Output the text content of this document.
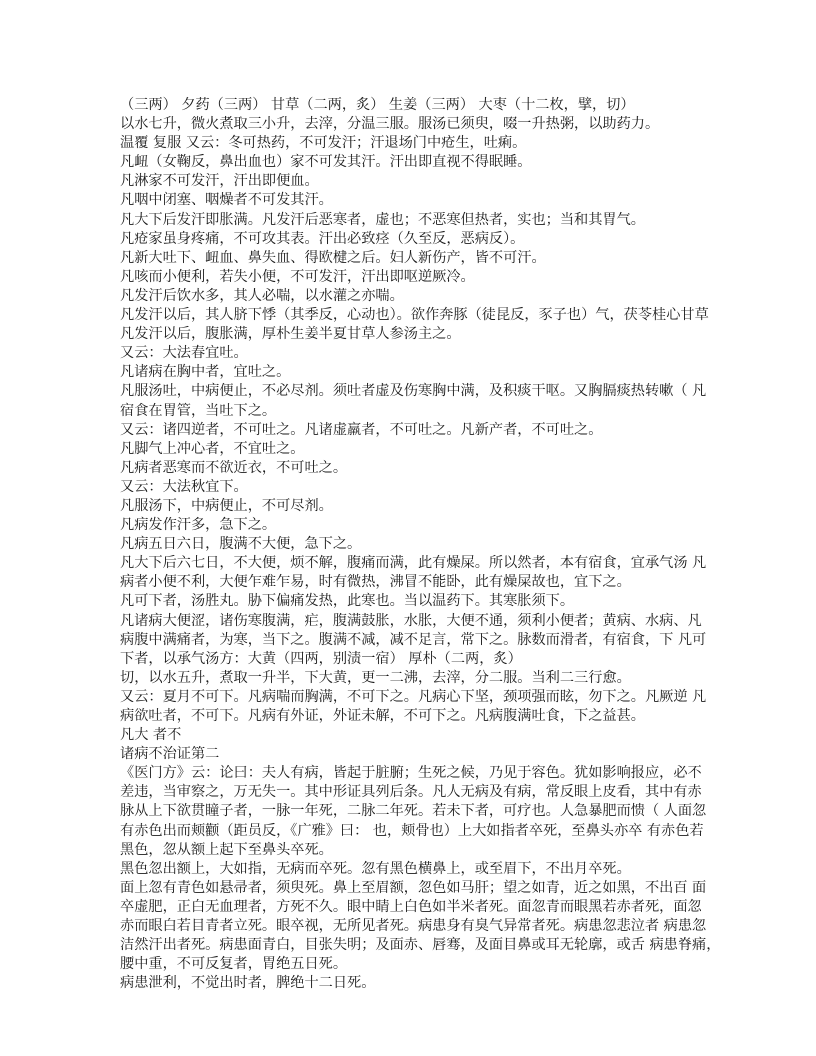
（三两） 夕药（三两） 甘草（二两，炙） 生姜（三两） 大枣（十二枚，擘，切）
以水七升，微火煮取三小升，去滓，分温三服。服汤已须臾，啜一升热粥，以助药力。
温覆 复服 又云：冬可热药，不可发汗；汗退场门中疮生，吐痢。
凡衄（女鞠反，鼻出血也）家不可发其汗。汗出即直视不得眠睡。
凡淋家不可发汗，汗出即便血。
凡咽中闭塞、咽燥者不可发其汗。
凡大下后发汗即胀满。凡发汗后恶寒者，虚也；不恶寒但热者，实也；当和其胃气。
凡疮家虽身疼痛，不可攻其表。汗出必致痉（久至反，恶病反）。
凡新大吐下、衄血、鼻失血、得欧楗之后。妇人新伤产，皆不可汗。
凡咳而小便利，若失小便，不可发汗，汗出即呕逆厥冷。
凡发汗后饮水多，其人必喘，以水灌之亦喘。
凡发汗以后，其人脐下悸（其季反，心动也）。欲作奔豚（徒昆反，豕子也）气，茯苓桂心甘草
凡发汗以后，腹胀满，厚朴生姜半夏甘草人参汤主之。
又云：大法春宜吐。
凡诸病在胸中者，宜吐之。
凡服汤吐，中病便止，不必尽剂。须吐者虚及伤寒胸中满，及积痰干呕。又胸膈痰热转嗽（ 凡
宿食在胃管，当吐下之。
又云：诸四逆者，不可吐之。凡诸虚羸者，不可吐之。凡新产者，不可吐之。
凡脚气上冲心者，不宜吐之。
凡病者恶寒而不欲近衣，不可吐之。
又云：大法秋宜下。
凡服汤下，中病便止，不可尽剂。
凡病发作汗多，急下之。
凡病五日六日，腹满不大便，急下之。
凡大下后六七日，不大便，烦不解，腹痛而满，此有燥屎。所以然者，本有宿食，宜承气汤 凡
病者小便不利，大便乍难乍易，时有微热，沸冒不能卧，此有燥屎故也，宜下之。
凡可下者，汤胜丸。胁下偏痛发热，此寒也。当以温药下。其寒胀须下。
凡诸病大便涩，诸伤寒腹满，疟，腹满鼓胀，水胀，大便不通，须利小便者；黄病、水病、凡
病腹中满痛者，为寒，当下之。腹满不减，减不足言，常下之。脉数而滑者，有宿食，下 凡可
下者，以承气汤方：大黄（四两，别渍一宿） 厚朴（二两，炙）
切，以水五升，煮取一升半，下大黄，更一二沸，去滓，分二服。当利二三行愈。
又云：夏月不可下。凡病喘而胸满，不可下之。凡病心下坚，颈项强而眩，勿下之。凡厥逆 凡
病欲吐者，不可下。凡病有外证，外证未解，不可下之。凡病腹满吐食，下之益甚。
凡大 者不
诸病不治证第二
《医门方》云：论曰：夫人有病，皆起于脏腑；生死之候，乃见于容色。犹如影响报应，必不
差违，当审察之，万无失一。其中形证具列后条。凡人无病及有病，常反眼上皮看，其中有赤
脉从上下欲贯瞳子者，一脉一年死，二脉二年死。若未下者，可疗也。人急暴肥而愦（ 人面忽
有赤色出而颊颧（距员反，《广雅》曰： 也，颊骨也）上大如指者卒死，至鼻头亦卒 有赤色若
黑色，忽从额上起下至鼻头卒死。
黑色忽出额上，大如指，无病而卒死。忽有黑色横鼻上，或至眉下，不出月卒死。
面上忽有青色如悬帚者，须臾死。鼻上至眉额，忽色如马肝；望之如青，近之如黑，不出百 面
卒虚肥，正白无血理者，方死不久。眼中睛上白色如半米者死。面忽青而眼黑若赤者死，面忽
赤而眼白若目青者立死。眼卒视，无所见者死。病患身有臭气异常者死。病患忽悲泣者 病患忽
洁然汗出者死。病患面青白，目张失明；及面赤、唇骞，及面目鼻或耳无轮廓，或舌 病患脊痛，
腰中重，不可反复者，胃绝五日死。
病患泄利，不觉出时者，脾绝十二日死。
